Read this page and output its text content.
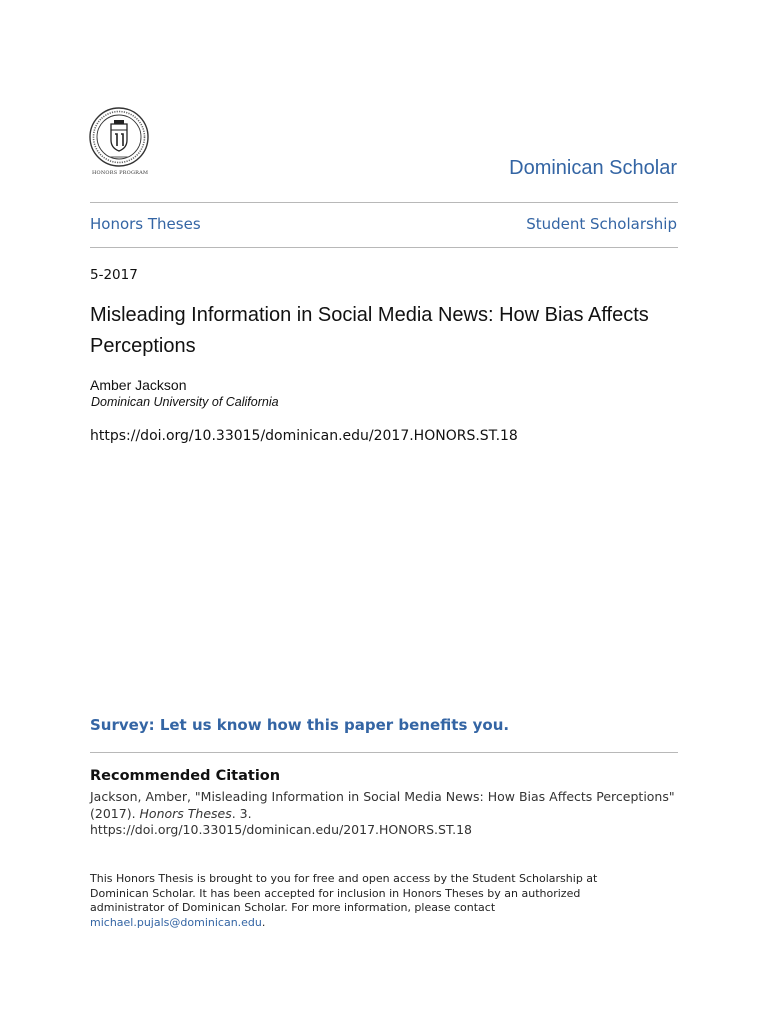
HONORS PROGRAM	Dominican Scholar
Honors Theses	Student Scholarship
5-2017
Misleading Information in Social Media News: How Bias Affects Perceptions
Amber Jackson
Dominican University of California
https://doi.org/10.33015/dominican.edu/2017.HONORS.ST.18
Survey: Let us know how this paper benefits you.
Recommended Citation
Jackson, Amber, "Misleading Information in Social Media News: How Bias Affects Perceptions" (2017). Honors Theses. 3.
https://doi.org/10.33015/dominican.edu/2017.HONORS.ST.18
This Honors Thesis is brought to you for free and open access by the Student Scholarship at Dominican Scholar. It has been accepted for inclusion in Honors Theses by an authorized administrator of Dominican Scholar. For more information, please contact michael.pujals@dominican.edu.
